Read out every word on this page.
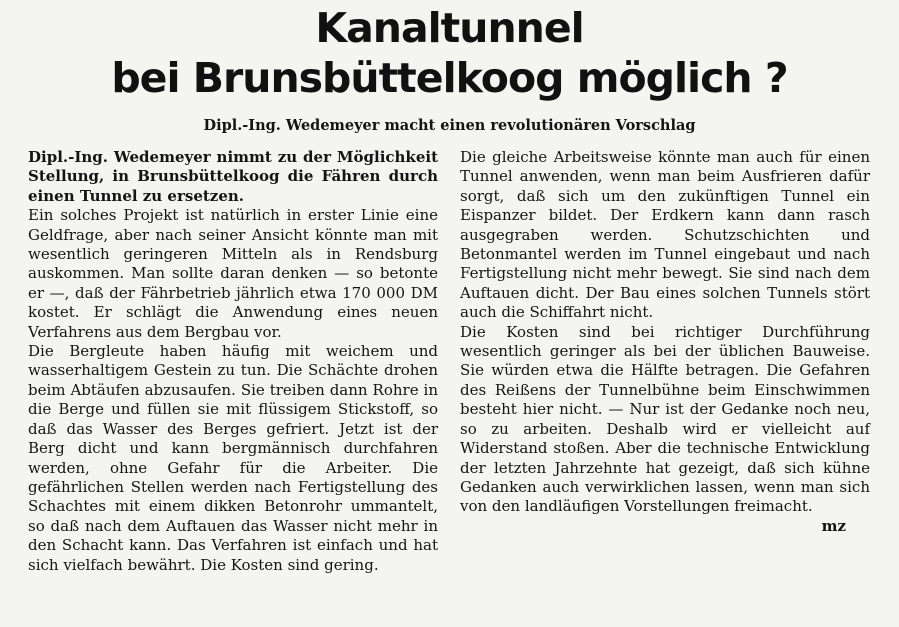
Kanaltunnel
bei Brunsbüttelkoog möglich ?
Dipl.-Ing. Wedemeyer macht einen revolutionären Vorschlag

Dipl.-Ing. Wedemeyer nimmt zu der Möglichkeit Stellung, in Brunsbüttelkoog die Fähren durch einen Tunnel zu ersetzen.

Ein solches Projekt ist natürlich in erster Linie eine Geldfrage, aber nach seiner Ansicht könnte man mit wesentlich geringeren Mitteln als in Rendsburg auskommen. Man sollte daran denken — so betonte er —, daß der Fährbetrieb jährlich etwa 170 000 DM kostet. Er schlägt die Anwendung eines neuen Verfahrens aus dem Bergbau vor.

Die Bergleute haben häufig mit weichem und wasserhaltigem Gestein zu tun. Die Schächte drohen beim Abtäufen abzusaufen. Sie treiben dann Rohre in die Berge und füllen sie mit flüssigem Stickstoff, so daß das Wasser des Berges gefriert. Jetzt ist der Berg dicht und kann bergmännisch durchfahren werden, ohne Gefahr für die Arbeiter. Die gefährlichen Stellen werden nach Fertigstellung des Schachtes mit einem dikken Betonrohr ummantelt, so daß nach dem Auftauen das Wasser nicht mehr in den Schacht kann. Das Verfahren ist einfach und hat sich vielfach bewährt. Die Kosten sind gering.

Die gleiche Arbeitsweise könnte man auch für einen Tunnel anwenden, wenn man beim Ausfrieren dafür sorgt, daß sich um den zukünftigen Tunnel ein Eispanzer bildet. Der Erdkern kann dann rasch ausgegraben werden. Schutzschichten und Betonmantel werden im Tunnel eingebaut und nach Fertigstellung nicht mehr bewegt. Sie sind nach dem Auftauen dicht. Der Bau eines solchen Tunnels stört auch die Schiffahrt nicht.

Die Kosten sind bei richtiger Durchführung wesentlich geringer als bei der üblichen Bauweise. Sie würden etwa die Hälfte betragen. Die Gefahren des Reißens der Tunnelbühne beim Einschwimmen besteht hier nicht. — Nur ist der Gedanke noch neu, so zu arbeiten. Deshalb wird er vielleicht auf Widerstand stoßen. Aber die technische Entwicklung der letzten Jahrzehnte hat gezeigt, daß sich kühne Gedanken auch verwirklichen lassen, wenn man sich von den landläufigen Vorstellungen freimacht.

mz
